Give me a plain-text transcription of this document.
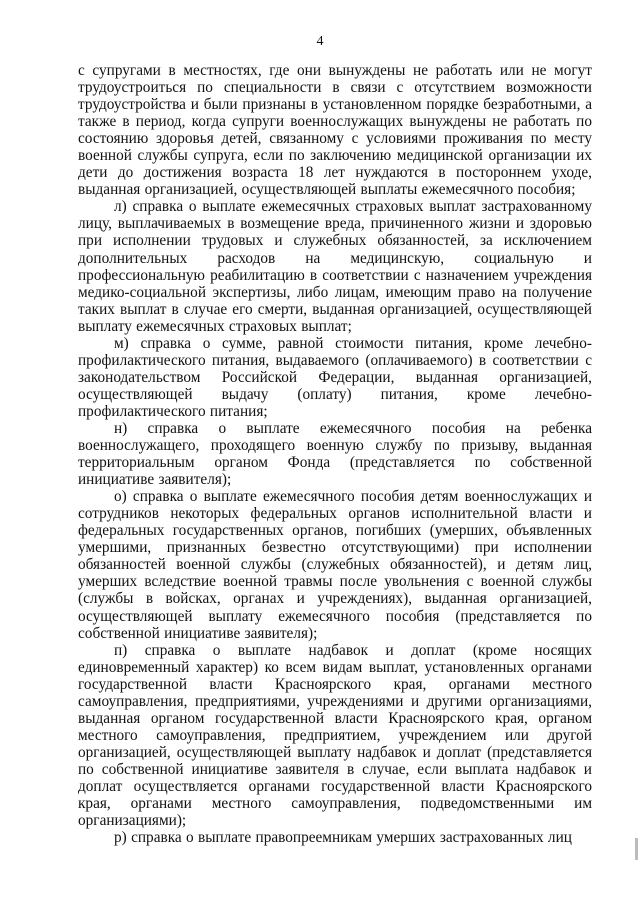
4

с супругами в местностях, где они вынуждены не работать или не могут трудоустроиться по специальности в связи с отсутствием возможности трудоустройства и были признаны в установленном порядке безработными, а также в период, когда супруги военнослужащих вынуждены не работать по состоянию здоровья детей, связанному с условиями проживания по месту военной службы супруга, если по заключению медицинской организации их дети до достижения возраста 18 лет нуждаются в постороннем уходе, выданная организацией, осуществляющей выплаты ежемесячного пособия;

л) справка о выплате ежемесячных страховых выплат застрахованному лицу, выплачиваемых в возмещение вреда, причиненного жизни и здоровью при исполнении трудовых и служебных обязанностей, за исключением дополнительных расходов на медицинскую, социальную и профессиональную реабилитацию в соответствии с назначением учреждения медико-социальной экспертизы, либо лицам, имеющим право на получение таких выплат в случае его смерти, выданная организацией, осуществляющей выплату ежемесячных страховых выплат;

м) справка о сумме, равной стоимости питания, кроме лечебно-профилактического питания, выдаваемого (оплачиваемого) в соответствии с законодательством Российской Федерации, выданная организацией, осуществляющей выдачу (оплату) питания, кроме лечебно-профилактического питания;

н) справка о выплате ежемесячного пособия на ребенка военнослужащего, проходящего военную службу по призыву, выданная территориальным органом Фонда (представляется по собственной инициативе заявителя);

о) справка о выплате ежемесячного пособия детям военнослужащих и сотрудников некоторых федеральных органов исполнительной власти и федеральных государственных органов, погибших (умерших, объявленных умершими, признанных безвестно отсутствующими) при исполнении обязанностей военной службы (служебных обязанностей), и детям лиц, умерших вследствие военной травмы после увольнения с военной службы (службы в войсках, органах и учреждениях), выданная организацией, осуществляющей выплату ежемесячного пособия (представляется по собственной инициативе заявителя);

п) справка о выплате надбавок и доплат (кроме носящих единовременный характер) ко всем видам выплат, установленных органами государственной власти Красноярского края, органами местного самоуправления, предприятиями, учреждениями и другими организациями, выданная органом государственной власти Красноярского края, органом местного самоуправления, предприятием, учреждением или другой организацией, осуществляющей выплату надбавок и доплат (представляется по собственной инициативе заявителя в случае, если выплата надбавок и доплат осуществляется органами государственной власти Красноярского края, органами местного самоуправления, подведомственными им организациями);

р) справка о выплате правопреемникам умерших застрахованных лиц
